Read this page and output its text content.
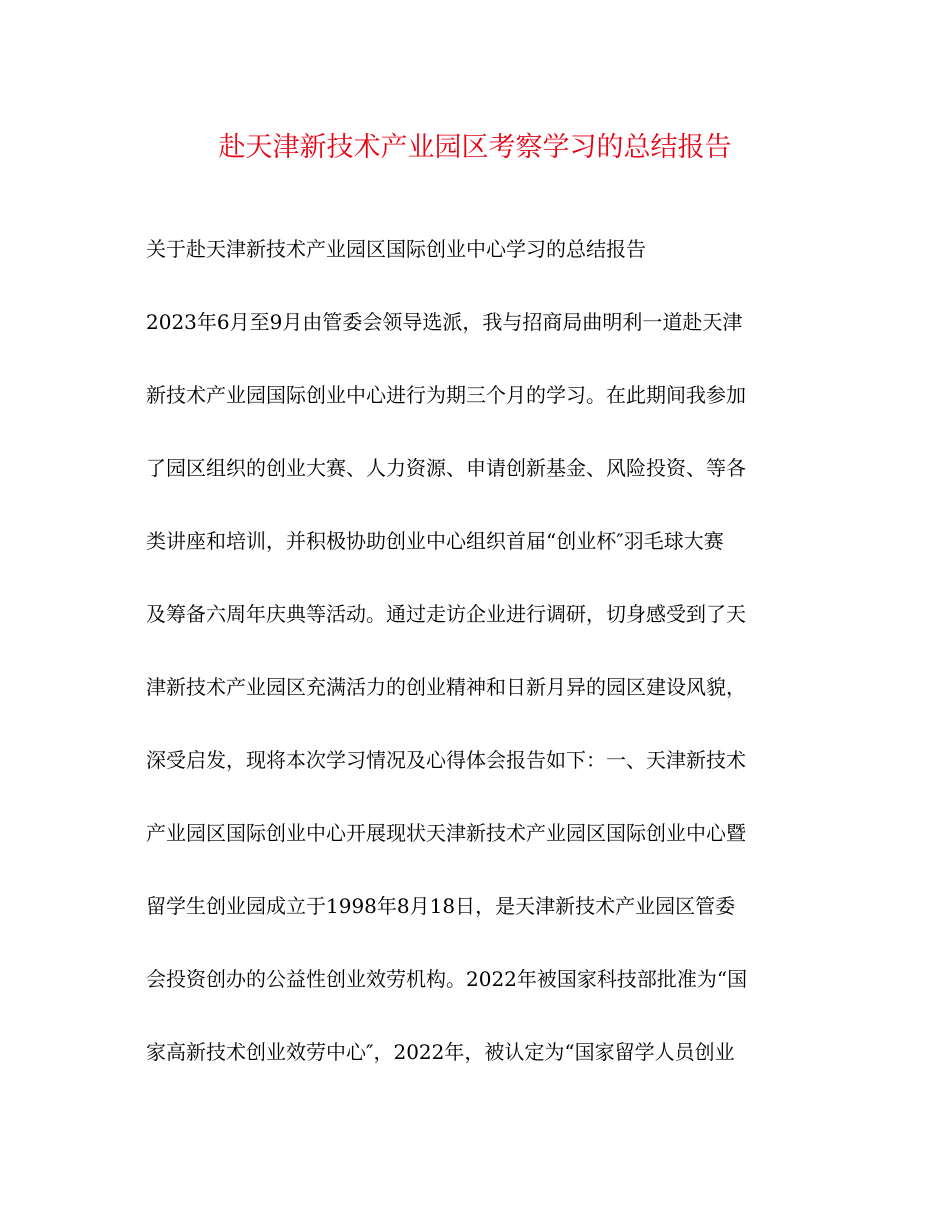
赴天津新技术产业园区考察学习的总结报告
关于赴天津新技术产业园区国际创业中心学习的总结报告
2023年6月至9月由管委会领导选派，我与招商局曲明利一道赴天津
新技术产业园国际创业中心进行为期三个月的学习。在此期间我参加
了园区组织的创业大赛、人力资源、申请创新基金、风险投资、等各
类讲座和培训，并积极协助创业中心组织首届“创业杯″羽毛球大赛
及筹备六周年庆典等活动。通过走访企业进行调研，切身感受到了天
津新技术产业园区充满活力的创业精神和日新月异的园区建设风貌，
深受启发，现将本次学习情况及心得体会报告如下：一、天津新技术
产业园区国际创业中心开展现状天津新技术产业园区国际创业中心暨
留学生创业园成立于1998年8月18日，是天津新技术产业园区管委
会投资创办的公益性创业效劳机构。2022年被国家科技部批准为“国
家高新技术创业效劳中心″，2022年，被认定为“国家留学人员创业
